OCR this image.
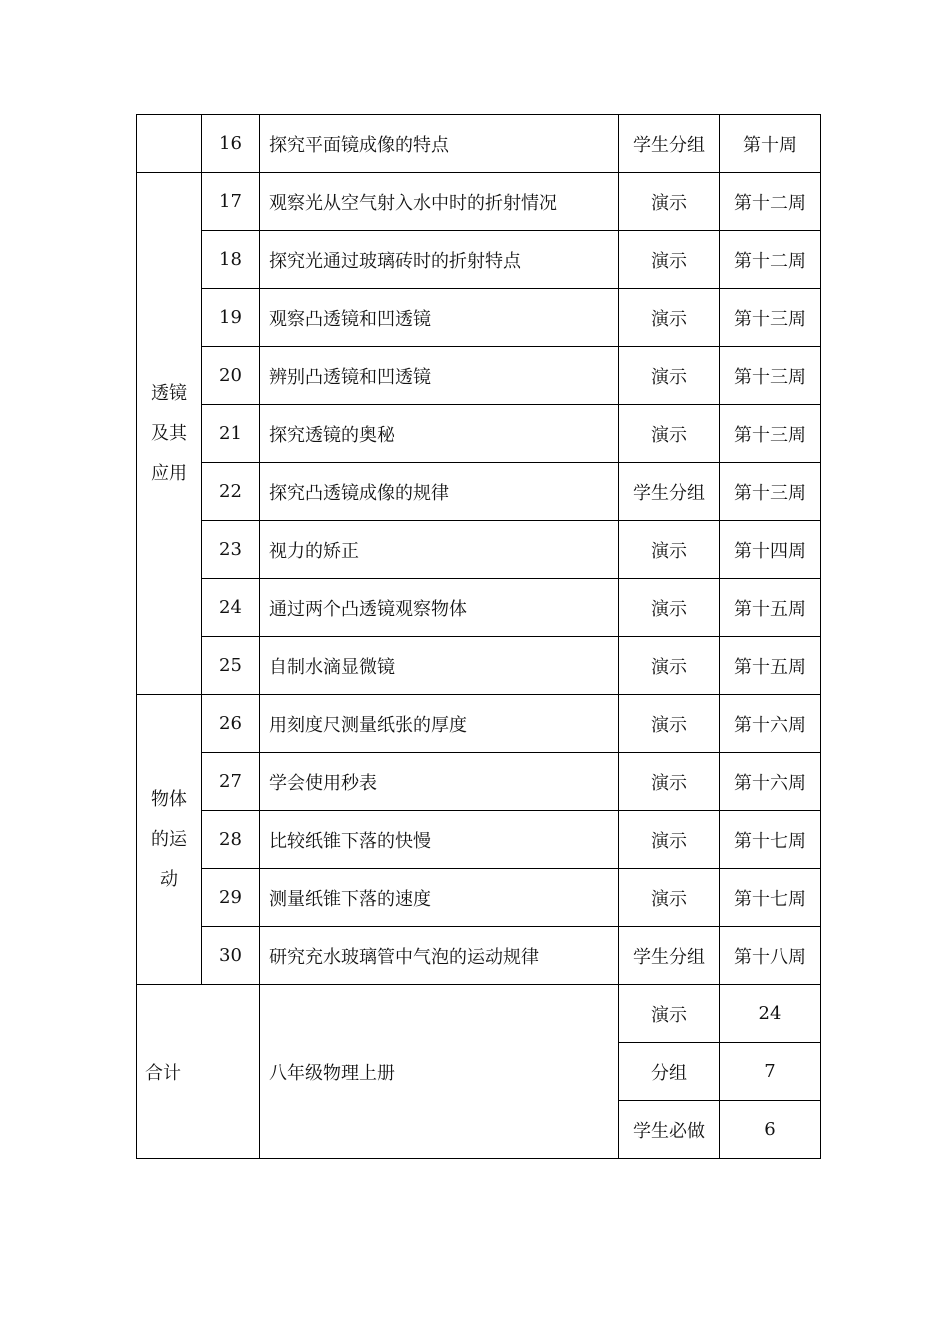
	16	探究平面镜成像的特点	学生分组	第十周
透镜及其应用	17	观察光从空气射入水中时的折射情况	演示	第十二周
	18	探究光通过玻璃砖时的折射特点	演示	第十二周
	19	观察凸透镜和凹透镜	演示	第十三周
	20	辨别凸透镜和凹透镜	演示	第十三周
	21	探究透镜的奥秘	演示	第十三周
	22	探究凸透镜成像的规律	学生分组	第十三周
	23	视力的矫正	演示	第十四周
	24	通过两个凸透镜观察物体	演示	第十五周
	25	自制水滴显微镜	演示	第十五周
物体的运动	26	用刻度尺测量纸张的厚度	演示	第十六周
	27	学会使用秒表	演示	第十六周
	28	比较纸锥下落的快慢	演示	第十七周
	29	测量纸锥下落的速度	演示	第十七周
	30	研究充水玻璃管中气泡的运动规律	学生分组	第十八周
合计		八年级物理上册	演示	24
			分组	7
			学生必做	6
